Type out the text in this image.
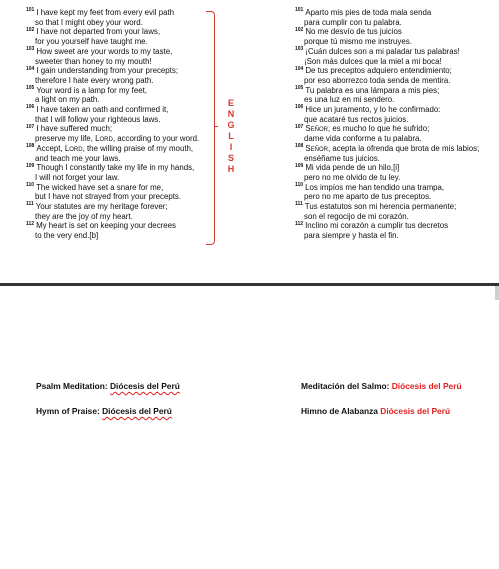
$^{101}$ I have kept my feet from every evil path
so that I might obey your word.
$^{102}$ I have not departed from your laws,
for you yourself have taught me.
$^{103}$ How sweet are your words to my taste,
sweeter than honey to my mouth!
$^{104}$ I gain understanding from your precepts;
therefore I hate every wrong path.
$^{105}$ Your word is a lamp for my feet,
a light on my path.
$^{106}$ I have taken an oath and confirmed it,
that I will follow your righteous laws.
$^{107}$ I have suffered much;
preserve my life, Lord, according to your word.
$^{108}$ Accept, Lord, the willing praise of my mouth,
and teach me your laws.
$^{109}$ Though I constantly take my life in my hands,
I will not forget your law.
$^{110}$ The wicked have set a snare for me,
but I have not strayed from your precepts.
$^{111}$ Your statutes are my heritage forever;
they are the joy of my heart.
$^{112}$ My heart is set on keeping your decrees
to the very end.[b]
E
N
G
L
I
S
H
$^{101}$ Aparto mis pies de toda mala senda
para cumplir con tu palabra.
$^{102}$ No me desvío de tus juicios
porque tú mismo me instruyes.
$^{103}$ ¡Cuán dulces son a mi paladar tus palabras!
¡Son más dulces que la miel a mi boca!
$^{104}$ De tus preceptos adquiero entendimiento;
por eso aborrezco toda senda de mentira.
$^{105}$ Tu palabra es una lámpara a mis pies;
es una luz en mi sendero.
$^{106}$ Hice un juramento, y lo he confirmado:
que acataré tus rectos juicios.
$^{107}$ Señor, es mucho lo que he sufrido;
dame vida conforme a tu palabra.
$^{108}$ Señor, acepta la ofrenda que brota de mis labios;
enséñame tus juicios.
$^{109}$ Mi vida pende de un hilo,[i]
pero no me olvido de tu ley.
$^{110}$ Los impíos me han tendido una trampa,
pero no me aparto de tus preceptos.
$^{111}$ Tus estatutos son mi herencia permanente;
son el regocijo de mi corazón.
$^{112}$ Inclino mi corazón a cumplir tus decretos
para siempre y hasta el fin.
Psalm Meditation: Diócesis del Perú
Hymn of Praise: Diócesis del Perú
Meditación del Salmo: Diócesis del Perú
Himno de Alabanza Diócesis del Perú
